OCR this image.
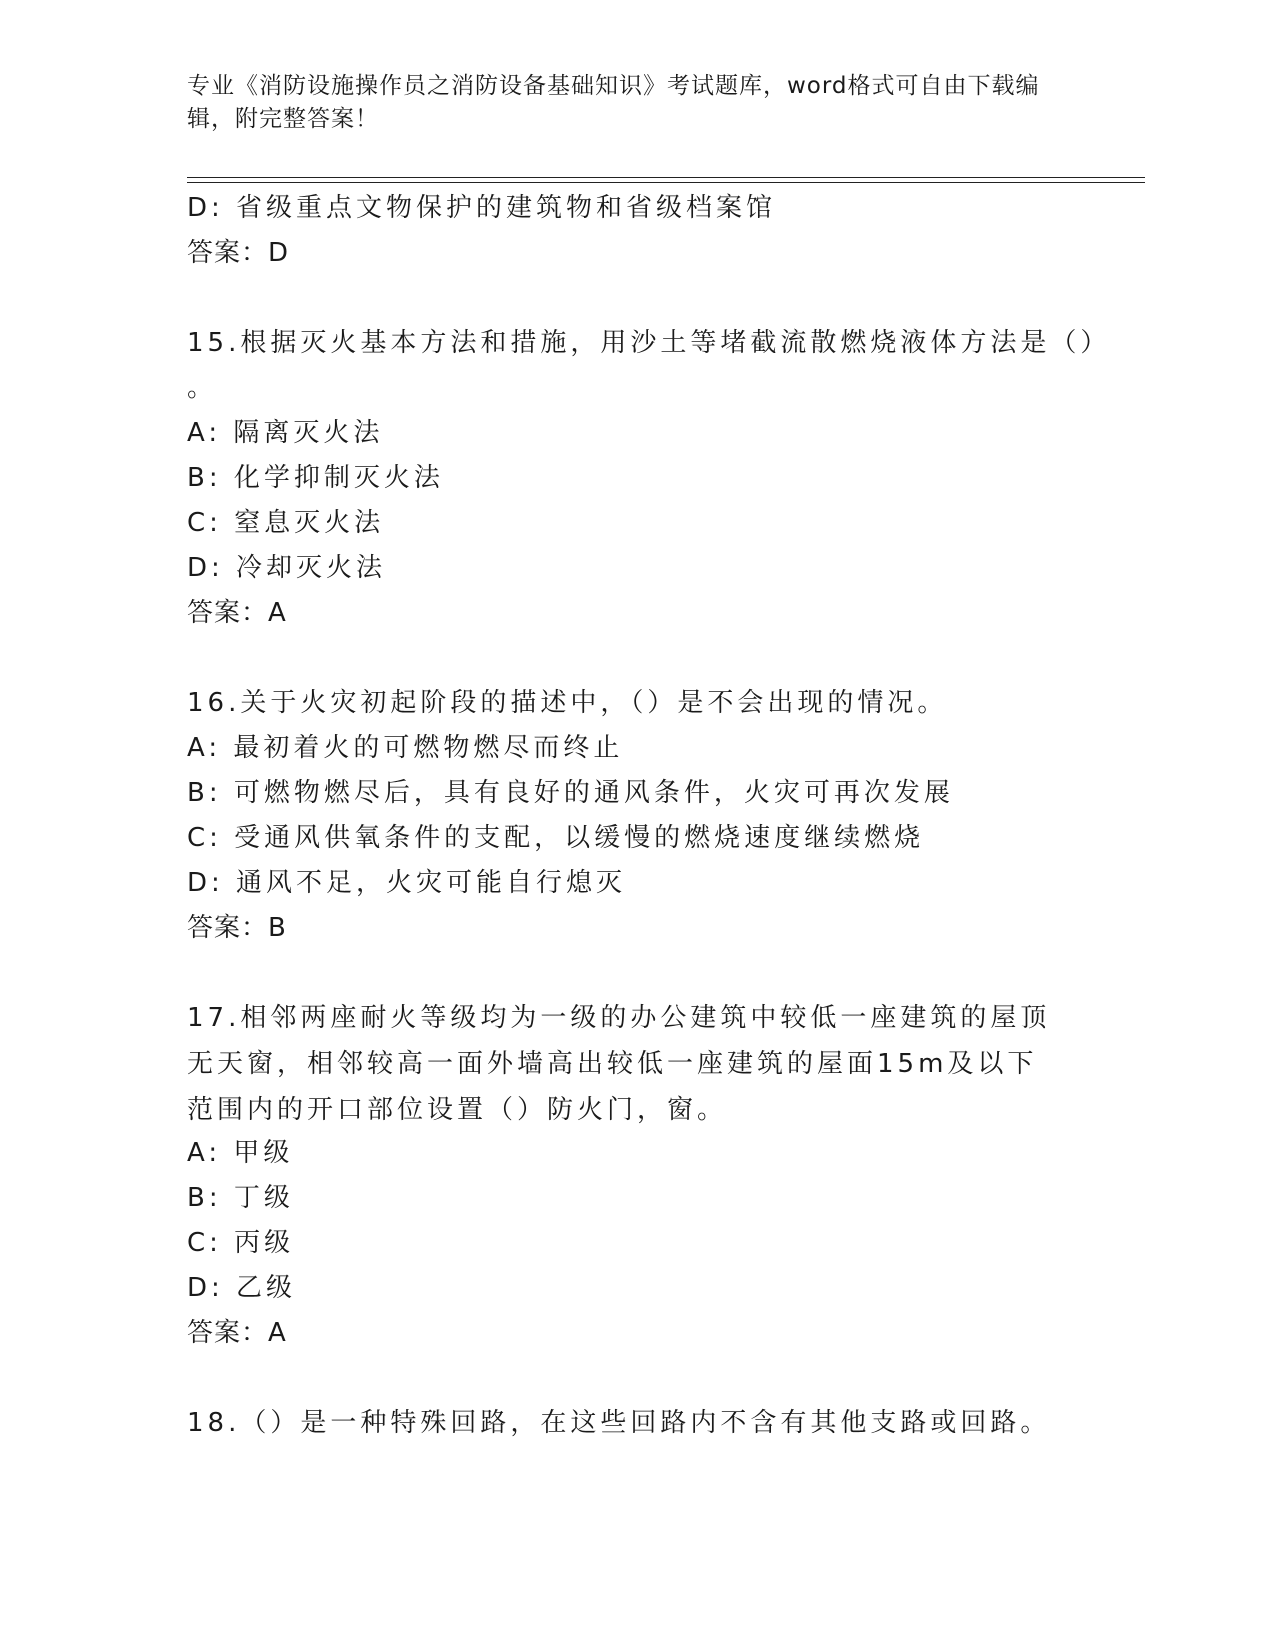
专业《消防设施操作员之消防设备基础知识》考试题库，word格式可自由下载编辑，附完整答案！
D: 省级重点文物保护的建筑物和省级档案馆
答案：D
15.根据灭火基本方法和措施，用沙土等堵截流散燃烧液体方法是（）
。
A: 隔离灭火法
B: 化学抑制灭火法
C: 窒息灭火法
D: 冷却灭火法
答案：A
16.关于火灾初起阶段的描述中，（）是不会出现的情况。
A: 最初着火的可燃物燃尽而终止
B: 可燃物燃尽后，具有良好的通风条件，火灾可再次发展
C: 受通风供氧条件的支配，以缓慢的燃烧速度继续燃烧
D: 通风不足，火灾可能自行熄灭
答案：B
17.相邻两座耐火等级均为一级的办公建筑中较低一座建筑的屋顶无天窗，相邻较高一面外墙高出较低一座建筑的屋面15m及以下范围内的开口部位设置（）防火门，窗。
A: 甲级
B: 丁级
C: 丙级
D: 乙级
答案：A
18.（）是一种特殊回路，在这些回路内不含有其他支路或回路。
